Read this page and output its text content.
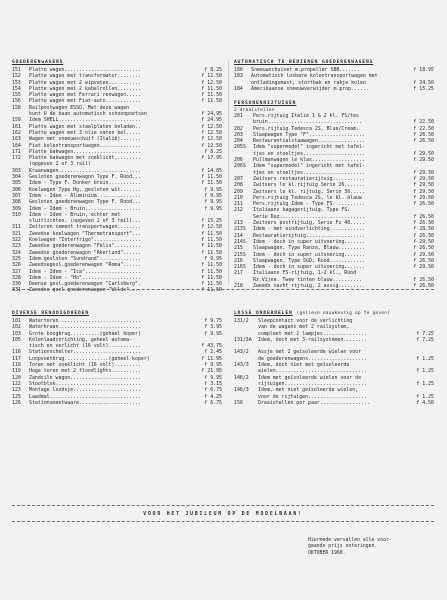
GOEDERENwAGENS
151	Platte wagen..........................	f 8.25
152	Platte wagen met transformator........	f 11.50
153	Platte wagen met 2 wipvaten...........	f 12.50
154	Platte wagen met 2 kabelrollen........	f 11.50
155	Platte wagen met Ferrari renwagen.....	f 11.50
156	Platte wagen met Fiat-auto............	f 11.50
158	Railpostwagen ESSO. Met deze wagen
kunt U de baan automatisch schoonpoetsen	f 24.95
159	Idem SHELL............................	f 24.95
161	Platte wagen met staalplaten beladen..	f 12.50
162	Platte wagen met 3 olie vaten bel.....	f 12.50
163	Wagen met sneeuwschuif (Italië).......	f 12.50
164	Fiat kolentransportwagen..............	f 12.50
171	Platte bakwagen.......................	f 8.25
172	Platte bakwagen met zoeklicht.........	f 17.95
(opgeven 2 of 3 rail)
303	Kraanwagen............................	f 14.85
304	Gesloten goederenwagon Type F. Rood...	f 11.50
305	Idem - Type F. Donker bruin...........	f 11.50
306	Koelwagen Type Hg, gesloten wit.......	f 9.95
307	Idem - Idem - Aluminium...............	f 9.95
308	Gesloten goederenwagon Type F. Rood...	f 9.95
309	Idem - Idem - Bruin...................	f 9.95
310	Idem - Idem - Bruin, echter met
sluitlichten. (opgeven 2 of 3 rail)...	f 15.25
311	Zeitoren cement transportwagen........	f 12.50
321	Zweedse koelwagen "Thermotransport"...	f 11.50
322	Koelwagen "Interfrigo"................	f 11.50
323	Zweedse goederenwagon "Felix".........	f 11.50
324	Zweedse goederenwagon "Akerlund"......	f 11.50
325	Idem gesloten "Sundrand"..............	f 9.95
326	Zweedsegesl.goederenwagen "Roma"......	f 11.50
327	Idem - Idem - "Ica"...................	f 11.50
328	Idem - Idem - "Ho"....................	f 11.50
330	Deense gesl.goederenwagen "Carlsberg".	f 11.50
331	Zweedse gesl.goederenwagen "Wilds"....	f 11.50
AUTOMATISCH TE BEDIENEN GOEDERENWAGENS
180	Sneeuwschuiver m.propeller SBB.......	f 18.95
183	Automatisch losbare kolentransportwagen met
ontladingsmast, stortbak en rakje kolen	f 24.50
184	Amerikaanse sneeuwverwijder m.prop......	f 15.25
PERSONENRIJTUIGEN
2 draaistellen
201	Pers.rijtuig Italië 1 & 2 kl. FS/tes
bruin................................	f 22.50
202	Pers.rijtuig Tedesca 2S, Blue/Cream.	f 22.50
203	Slaapwagen Type "F"...................	f 26.50
204	Restaurantialstaawagen................	f 26.50
205S	Idem "supermodel" ingericht met tafel-
tjes en stoeltjes.....................	f 29.50
206	Pullmanwagen le klas..................	f 29.50
206S	Idem "supermodel" ingericht met tafel-
tjes en stoeltjes.....................	f 29.50
207	Zwitsers restauratierijtuig...........	f 29.50
208	Zwitsers le kl.rijtuig Serie 26.......	f 29.50
209	Zwitsers le kl. rijtuig, Serie 36.....	f 29.50
210	Pers.rijtuig Tedesca 2S, le kl. blauw	f 29.50
211	Pers.rijtuig Idem - Type FS...........	f 26.50
212	Italiaans bagagerijtuig. Type FS.
Serie Duz.............................	f 26.50
213	Zwitsers postrijtuig, Serie Fz 40.....	f 26.50
213S	Idem - met eindverlichting............	f 28.50
214	Restauratierijtuig....................	f 26.50
214S	Idem - doch in super uitvoering.......	f 29.50
215	Slaapwagen, Type Ranza, Blauw.........	f 26.50
215S	Idem - doch in super uitvoering.......	f 29.50
216	Slaapwagen, Type SGD, Rood............	f 26.50
216S	Idem - doch in super uitvoering.......	f 29.50
217	Italiaans FS-rijtuig, 1-2 kl., Rood
Rz.Vijne. Twee tinten blauw..........	f 26.50
218	Zweeds nacht rijtuig, 2 assig.........	f 26.50
DIVERSE BENODIGDHEDEN
101	Watertoren............................	f 9.75
102	Waterkraan............................	f 3.95
103	Grote boogbrug..........(geheel koper)	f 9.95
105	Kolenlaadinrichting, geheel automa-
tisch en verlicht (16 volt)...........	f 43.75
116	Stationschelter.......................	f 2.45
117	Loopvoetbrug...............(geheel koper)	f 11.95
118	Toren met zoeklicht (16 volt).........	f 9.95
119	Hoge toren met 2 floodlights..........	f 21.95
120	Zandsilo wagon........................	f 9.95
122	Stootblok.............................	f 3.15
123	Montage loodsje.......................	f 6.75
125	Laadmal...............................	f 4.25
126	Stationsmeetwaare.....................	f 6.75
LOSSE ONDERDELEN (gelieve nauwkeurig op te geven)
131/2	Sleepcontact voor de verlichting
van de wagens met 2 railsystem,
compleet met 2 lampjes...............	f 7.25
131/3A	Idem, doch met 3-railsystemen........	f 7.25
143/2	Assje met 2 geïsoleerde wielen voor
de goederenwagens....................	f 1.25
143/3	Idem, doch niet met geïsoleerde
wielen...............................	f 1.25
146/2	Idem met geïsoleerde wielen voor de
rijtuigen............................	f 1.25
146/3	Idem, met niet geïsoleerde wielen,
voor de rijtuigen....................	f 1.25
150	Draaistellen per paar.................	f 4.50
VOOR HET JUBILEUM OP DE MODELBAAN!
Hiermede vervallen alle voor-
gaande prijs noteringen.
OKTOBER 1960.
